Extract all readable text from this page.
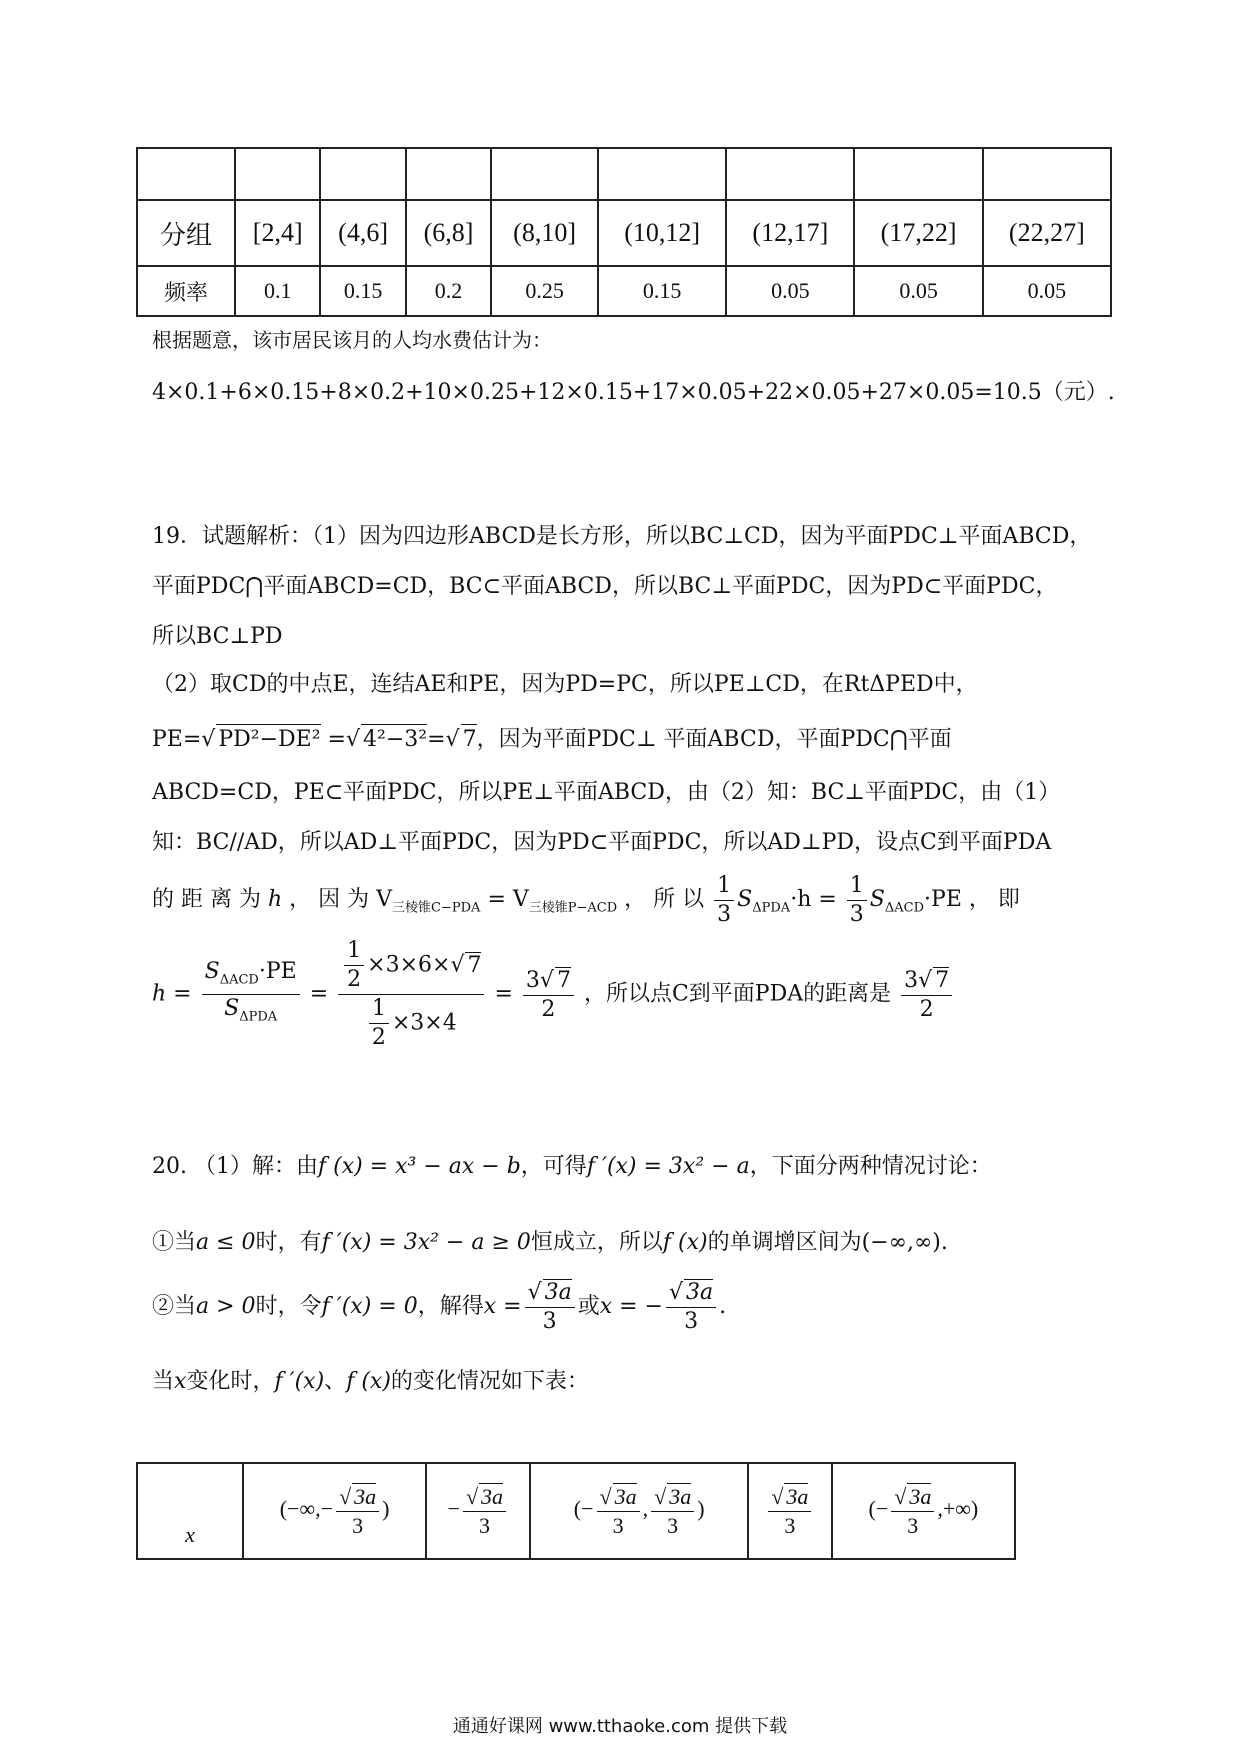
分组	[2,4]	(4,6]	(6,8]	(8,10]	(10,12]	(12,17]	(17,22]	(22,27]
频率	0.1	0.15	0.2	0.25	0.15	0.05	0.05	0.05
根据题意，该市居民该月的人均水费估计为：
4×0.1+6×0.15+8×0.2+10×0.25+12×0.15+17×0.05+22×0.05+27×0.05=10.5（元）.
19．试题解析：（1）因为四边形ABCD是长方形，所以BC⊥CD，因为平面PDC⊥平面ABCD，
平面PDC⋂平面ABCD=CD，BC⊂平面ABCD，所以BC⊥平面PDC，因为PD⊂平面PDC，
所以BC⊥PD
（2）取CD的中点E，连结AE和PE，因为PD=PC，所以PE⊥CD，在RtΔPED中，
PE=√ PD²−DE² =√ 4²−3²=√ 7，因为平面PDC⊥ 平面ABCD，平面PDC⋂平面
ABCD=CD，PE⊂平面PDC，所以PE⊥平面ABCD，由（2）知：BC⊥平面PDC，由（1）
知：BC//AD，所以AD⊥平面PDC，因为PD⊂平面PDC，所以AD⊥PD，设点C到平面PDA
的 距 离 为 h ， 因 为 $V_{三棱锥C-PDA} = V_{三棱锥P-ACD}$ ， 所 以 $\frac{1}{3} S_{\Delta PDA}\cdot h = \frac{1}{3} S_{\Delta ACD}\cdot PE$ ， 即
$h = \frac{S_{\Delta ACD}\cdot PE}{S_{\Delta PDA}} = \frac{\frac{1}{2} \times 3\times 6\times√ 7}{\frac{1}{2} \times 3\times 4} = \frac{3√ 7}{2}$ ，所以点C到平面PDA的距离是 $\frac{3√ 7}{2}$
20. （1）解：由f (x) = x³ − ax − b，可得f ′(x) = 3x² − a，下面分两种情况讨论：
①当a ≤ 0时，有f ′(x) = 3x² − a ≥ 0恒成立，所以f (x)的单调增区间为(−∞,∞).
②当a > 0时，令f ′(x) = 0，解得$x = \frac{√ 3a}{3}$ 或x = − $\frac{√ 3a}{3}$ .
当x变化时，f ′(x)、f (x)的变化情况如下表：
x	(−∞,− $\frac{√ 3a}{3}$ )	− $\frac{√ 3a}{3}$	(− $\frac{√ 3a}{3}$ , $\frac{√ 3a}{3}$ )	$\frac{√ 3a}{3}$	(− $\frac{√ 3a}{3}$ ,+∞)
通通好课网 www.tthaoke.com 提供下载
